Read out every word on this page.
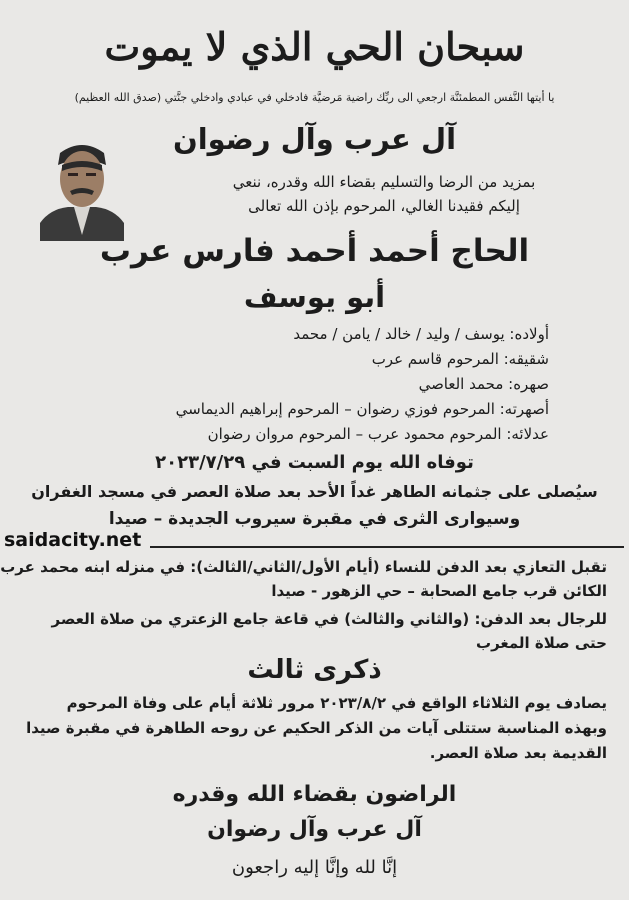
سبحان الحي الذي لا يموت
يا أيتها النَّفس المطمئنَّة ارجعي الى ربِّك راضية مَرضيَّة فادخلي في عبادي وادخلي جنَّتي (صدق الله العظيم)
آل عرب وآل رضوان
بمزيد من الرضا والتسليم بقضاء الله وقدره، ننعي
إليكم فقيدنا الغالي، المرحوم بإذن الله تعالى
الحاج أحمد أحمد فارس عرب
أبو يوسف
أولاده: يوسف / وليد / خالد / يامن / محمد
شقيقه: المرحوم قاسم عرب
صهره: محمد العاصي
أصهرته: المرحوم فوزي رضوان – المرحوم إبراهيم الديماسي
عدلائه: المرحوم محمود عرب – المرحوم مروان رضوان
توفاه الله يوم السبت في ٢٠٢٣/٧/٢٩
سيُصلى على جثمانه الطاهر غداً الأحد بعد صلاة العصر في مسجد الغفران
وسيوارى الثرى في مقبرة سيروب الجديدة – صيدا
saidacity.net
تقبل التعازي بعد الدفن للنساء (أيام الأول/الثاني/الثالث): في منزله ابنه محمد عرب
الكائن قرب جامع الصحابة – حي الزهور - صيدا
للرجال بعد الدفن: (والثاني والثالث) في قاعة جامع الزعتري من صلاة العصر
حتى صلاة المغرب
ذكرى ثالث
يصادف يوم الثلاثاء الواقع في ٢٠٢٣/٨/٢ مرور ثلاثة أيام على وفاة المرحوم
وبهذه المناسبة ستتلى آيات من الذكر الحكيم عن روحه الطاهرة في مقبرة صيدا
القديمة بعد صلاة العصر.
الراضون بقضاء الله وقدره
آل عرب وآل رضوان
إنَّا لله وإنَّا إليه راجعون
